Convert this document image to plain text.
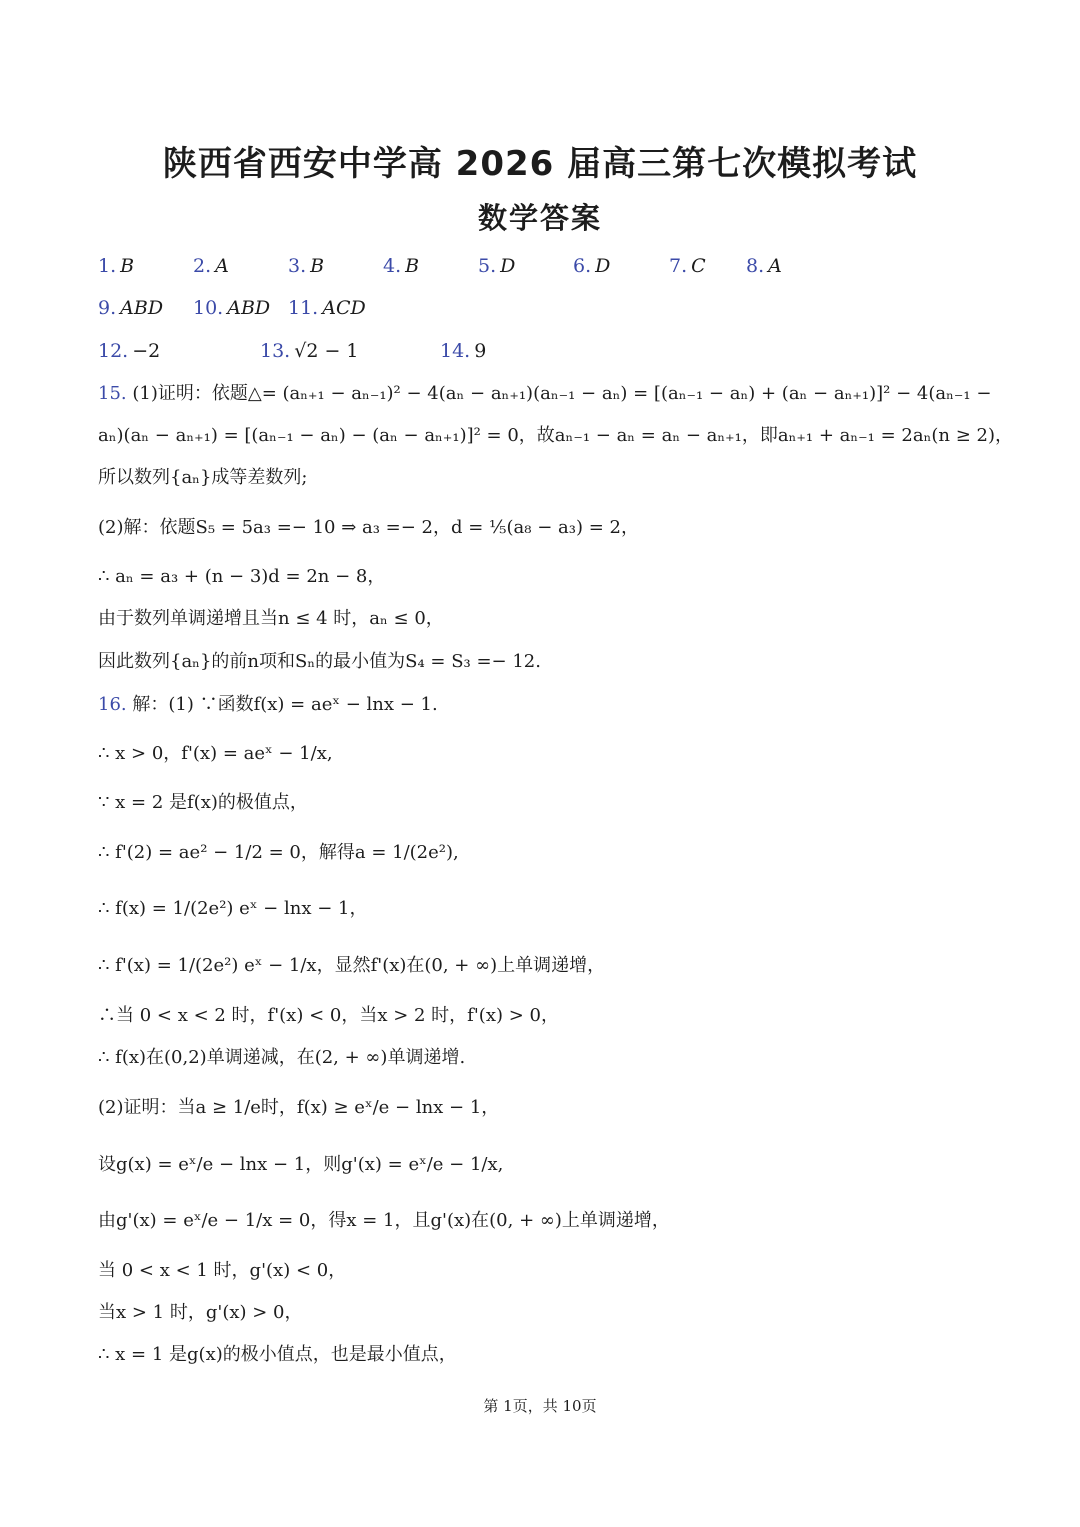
陕西省西安中学高 2026 届高三第七次模拟考试
数学答案
1. B	2. A	3. B	4. B	5. D	6. D	7. C 8. A
9. ABD 10. ABD 11. ACD
12. −2	13. √2 − 1	14. 9
15. (1)证明：依题△= (aₙ₊₁ − aₙ₋₁)² − 4(aₙ − aₙ₊₁)(aₙ₋₁ − aₙ) = [(aₙ₋₁ − aₙ) + (aₙ − aₙ₊₁)]² − 4(aₙ₋₁ −
aₙ)(aₙ − aₙ₊₁) = [(aₙ₋₁ − aₙ) − (aₙ − aₙ₊₁)]² = 0，故aₙ₋₁ − aₙ = aₙ − aₙ₊₁，即aₙ₊₁ + aₙ₋₁ = 2aₙ(n ≥ 2)，
所以数列{aₙ}成等差数列;
(2)解：依题S₅ = 5a₃ =− 10 ⇒ a₃ =− 2，d = ⅕(a₈ − a₃) = 2，
∴ aₙ = a₃ + (n − 3)d = 2n − 8，
由于数列单调递增且当n ≤ 4 时，aₙ ≤ 0，
因此数列{aₙ}的前n项和Sₙ的最小值为S₄ = S₃ =− 12.
16. 解：(1) ∵函数f(x) = aeˣ − lnx − 1.
∴ x > 0，f'(x) = aeˣ − 1/x,
∵ x = 2 是f(x)的极值点，
∴ f'(2) = ae² − 1/2 = 0，解得a = 1/(2e²),
∴ f(x) = 1/(2e²) eˣ − lnx − 1，
∴ f'(x) = 1/(2e²) eˣ − 1/x，显然f'(x)在(0, + ∞)上单调递增，
∴当 0 < x < 2 时，f'(x) < 0，当x > 2 时，f'(x) > 0，
∴ f(x)在(0,2)单调递减，在(2, + ∞)单调递增.
(2)证明：当a ≥ 1/e时，f(x) ≥ eˣ/e − lnx − 1，
设g(x) = eˣ/e − lnx − 1，则g'(x) = eˣ/e − 1/x,
由g'(x) = eˣ/e − 1/x = 0，得x = 1，且g'(x)在(0, + ∞)上单调递增，
当 0 < x < 1 时，g'(x) < 0，
当x > 1 时，g'(x) > 0，
∴ x = 1 是g(x)的极小值点，也是最小值点，
第 1页，共 10页
